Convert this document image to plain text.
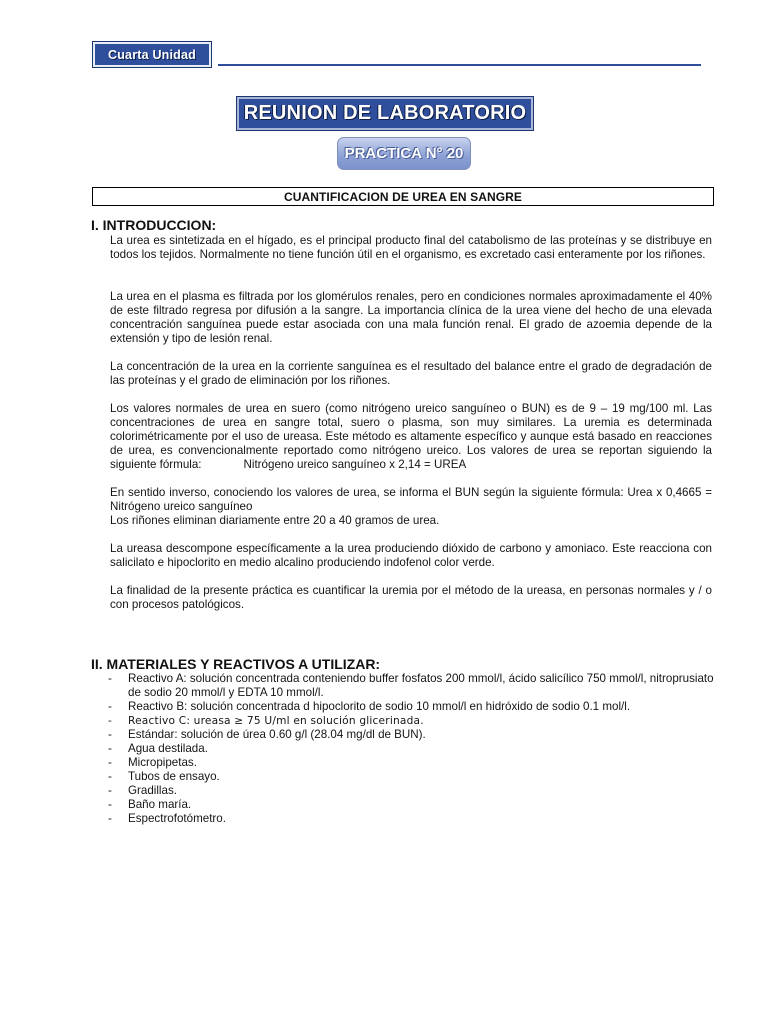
Cuarta Unidad
REUNION DE LABORATORIO
PRACTICA N° 20
CUANTIFICACION DE UREA EN SANGRE
I. INTRODUCCION:

La urea es sintetizada en el hígado, es el principal producto final del catabolismo de las proteínas y se distribuye en todos los tejidos. Normalmente no tiene función útil en el organismo, es excretado casi enteramente por los riñones.

La urea en el plasma es filtrada por los glomérulos renales, pero en condiciones normales aproximadamente el 40% de este filtrado regresa por difusión a la sangre. La importancia clínica de la urea viene del hecho de una elevada concentración sanguínea puede estar asociada con una mala función renal. El grado de azoemia depende de la extensión y tipo de lesión renal.

La concentración de la urea en la corriente sanguínea es el resultado del balance entre el grado de degradación de las proteínas y el grado de eliminación por los riñones.

Los valores normales de urea en suero (como nitrógeno ureico sanguíneo o BUN) es de 9 – 19 mg/100 ml. Las concentraciones de urea en sangre total, suero o plasma, son muy similares. La uremia es determinada colorimétricamente por el uso de ureasa. Este método es altamente específico y aunque está basado en reacciones de urea, es convencionalmente reportado como nitrógeno ureico. Los valores de urea se reportan siguiendo la siguiente fórmula:	Nitrógeno ureico sanguíneo x 2,14 = UREA

En sentido inverso, conociendo los valores de urea, se informa el BUN según la siguiente fórmula: Urea x 0,4665 = Nitrógeno ureico sanguíneo

Los riñones eliminan diariamente entre 20 a 40 gramos de urea.

La ureasa descompone específicamente a la urea produciendo dióxido de carbono y amoniaco. Este reacciona con salicilato e hipoclorito en medio alcalino produciendo indofenol color verde.

La finalidad de la presente práctica es cuantificar la uremia por el método de la ureasa, en personas normales y / o con procesos patológicos.

II. MATERIALES Y REACTIVOS A UTILIZAR:
- Reactivo A: solución concentrada conteniendo buffer fosfatos 200 mmol/l, ácido salicílico 750 mmol/l, nitroprusiato de sodio 20 mmol/l y EDTA 10 mmol/l.
- Reactivo B: solución concentrada d hipoclorito de sodio 10 mmol/l en hidróxido de sodio 0.1 mol/l.
- Reactivo C: ureasa ≥ 75 U/ml en solución glicerinada.
- Estándar: solución de úrea 0.60 g/l (28.04 mg/dl de BUN).
- Agua destilada.
- Micropipetas.
- Tubos de ensayo.
- Gradillas.
- Baño maría.
- Espectrofotómetro.
